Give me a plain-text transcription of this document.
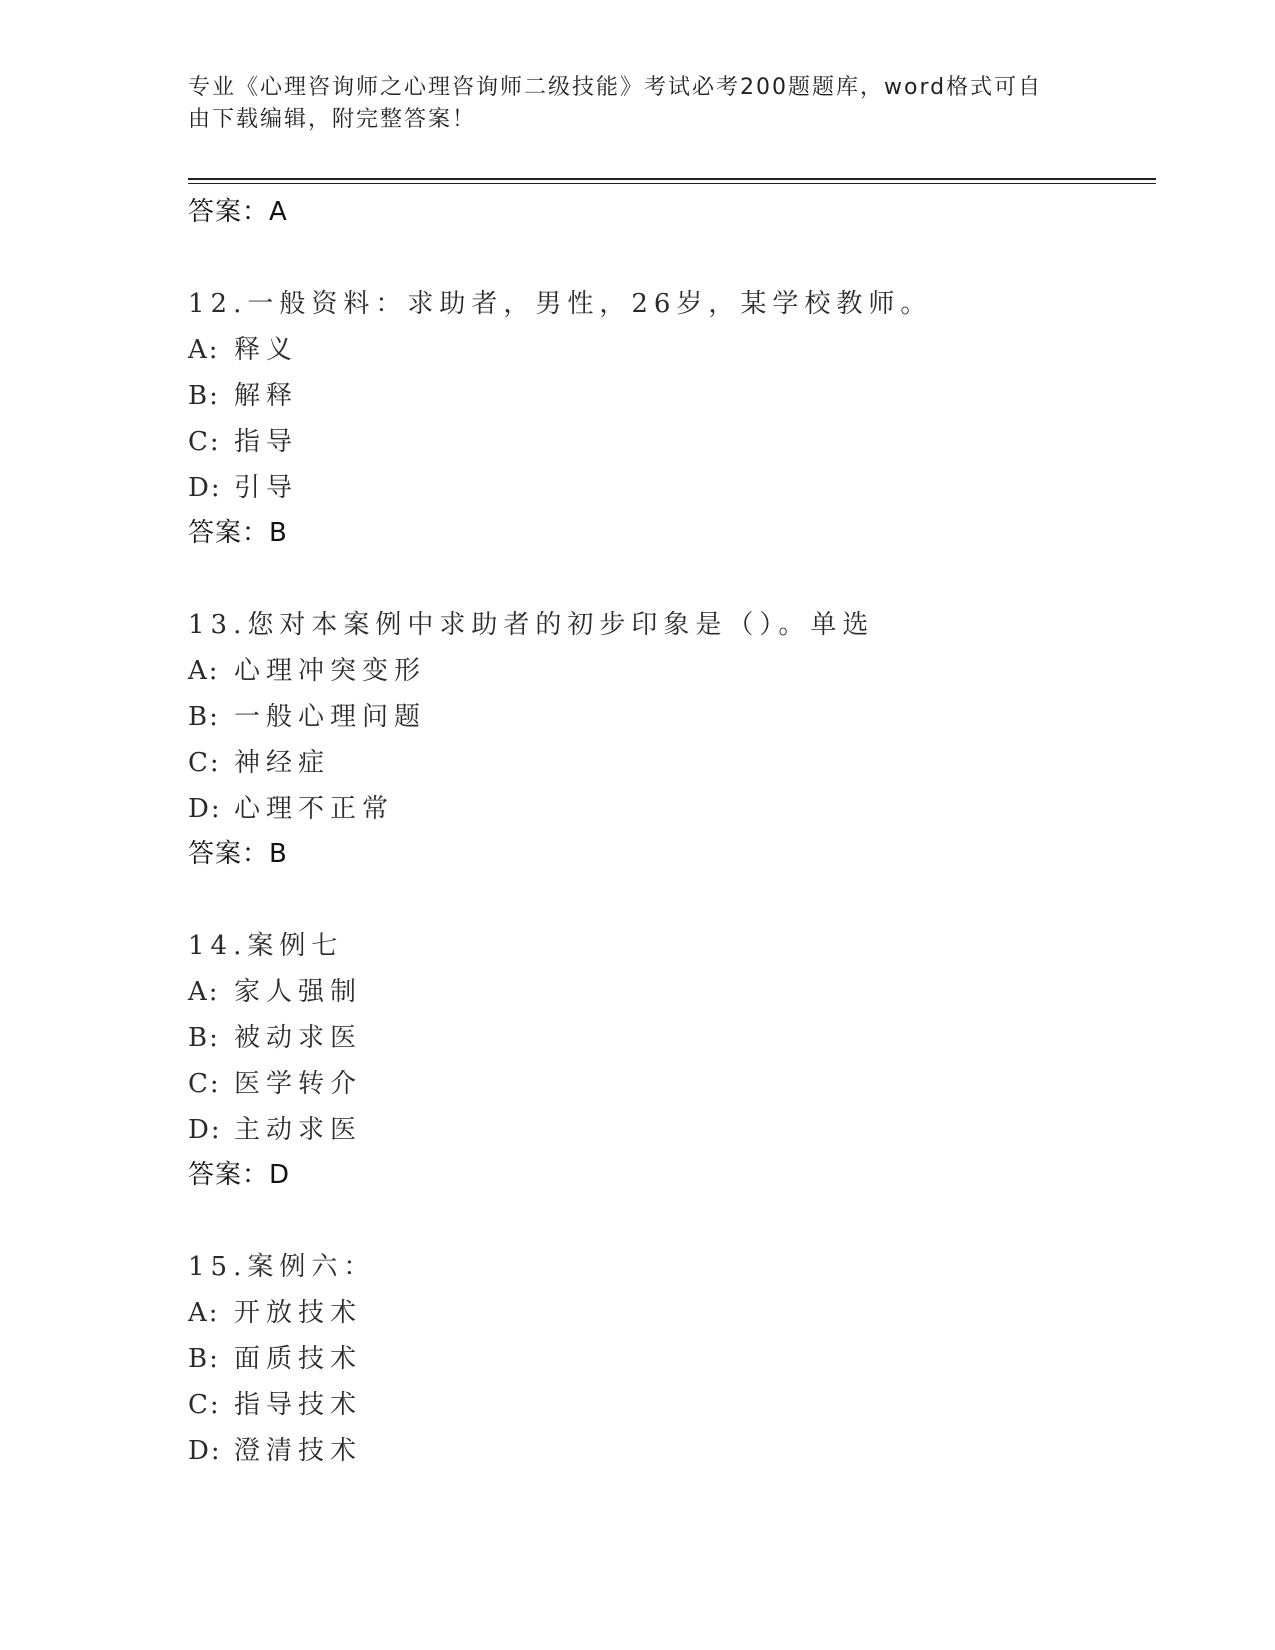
专业《心理咨询师之心理咨询师二级技能》考试必考200题题库，word格式可自
由下载编辑，附完整答案！
答案：A
12.一般资料：求助者，男性，26岁，某学校教师。
A: 释义
B: 解释
C: 指导
D: 引导
答案：B
13.您对本案例中求助者的初步印象是（）。单选
A: 心理冲突变形
B: 一般心理问题
C: 神经症
D: 心理不正常
答案：B
14.案例七
A: 家人强制
B: 被动求医
C: 医学转介
D: 主动求医
答案：D
15.案例六：
A: 开放技术
B: 面质技术
C: 指导技术
D: 澄清技术
